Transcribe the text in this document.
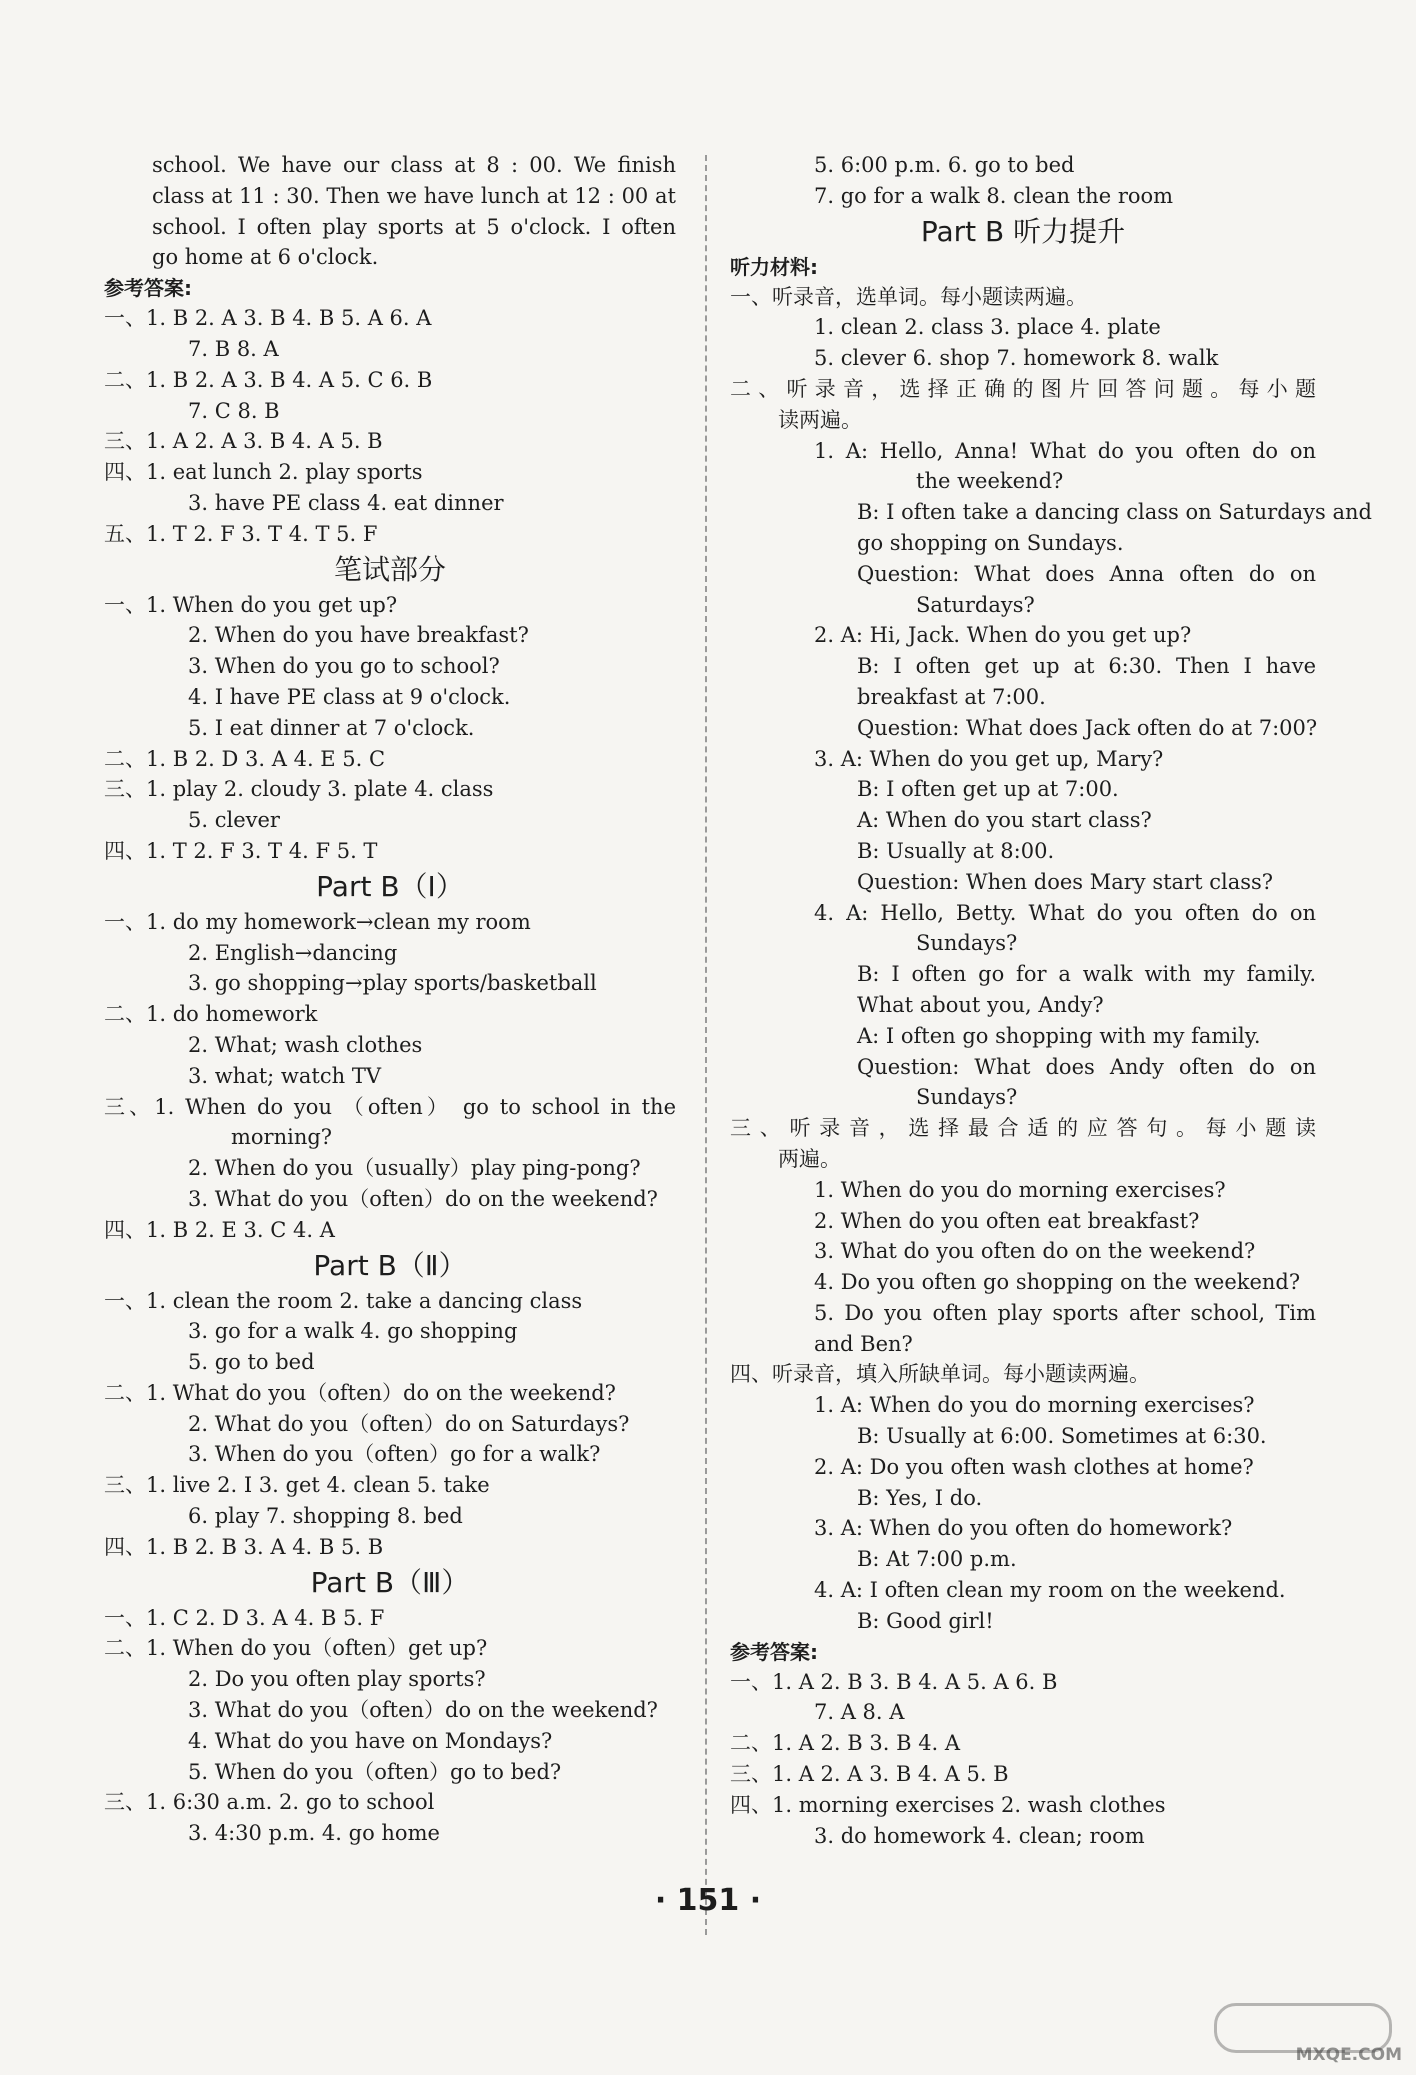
school. We have our class at 8 : 00. We finish
class at 11 : 30. Then we have lunch at 12 : 00 at
school. I often play sports at 5 o'clock. I often
go home at 6 o'clock.
参考答案:
一、1. B 2. A 3. B 4. B 5. A 6. A
7. B 8. A
二、1. B 2. A 3. B 4. A 5. C 6. B
7. C 8. B
三、1. A 2. A 3. B 4. A 5. B
四、1. eat lunch 2. play sports
3. have PE class 4. eat dinner
五、1. T 2. F 3. T 4. T 5. F
笔试部分
一、1. When do you get up?
2. When do you have breakfast?
3. When do you go to school?
4. I have PE class at 9 o'clock.
5. I eat dinner at 7 o'clock.
二、1. B 2. D 3. A 4. E 5. C
三、1. play 2. cloudy 3. plate 4. class
5. clever
四、1. T 2. F 3. T 4. F 5. T
Part B（Ⅰ）
一、1. do my homework→clean my room
2. English→dancing
3. go shopping→play sports/basketball
二、1. do homework
2. What; wash clothes
3. what; watch TV
三、1. When do you （often） go to school in the
morning?
2. When do you（usually）play ping-pong?
3. What do you（often）do on the weekend?
四、1. B 2. E 3. C 4. A
Part B（Ⅱ）
一、1. clean the room 2. take a dancing class
3. go for a walk 4. go shopping
5. go to bed
二、1. What do you（often）do on the weekend?
2. What do you（often）do on Saturdays?
3. When do you（often）go for a walk?
三、1. live 2. I 3. get 4. clean 5. take
6. play 7. shopping 8. bed
四、1. B 2. B 3. A 4. B 5. B
Part B（Ⅲ）
一、1. C 2. D 3. A 4. B 5. F
二、1. When do you（often）get up?
2. Do you often play sports?
3. What do you（often）do on the weekend?
4. What do you have on Mondays?
5. When do you（often）go to bed?
三、1. 6:30 a.m. 2. go to school
3. 4:30 p.m. 4. go home
5. 6:00 p.m. 6. go to bed
7. go for a walk 8. clean the room
Part B 听力提升
听力材料:
一、听录音，选单词。每小题读两遍。
1. clean 2. class 3. place 4. plate
5. clever 6. shop 7. homework 8. walk
二、听录音，选择正确的图片回答问题。每小题
读两遍。
1. A: Hello, Anna! What do you often do on
the weekend?
B: I often take a dancing class on Saturdays and
go shopping on Sundays.
Question: What does Anna often do on
Saturdays?
2. A: Hi, Jack. When do you get up?
B: I often get up at 6:30. Then I have
breakfast at 7:00.
Question: What does Jack often do at 7:00?
3. A: When do you get up, Mary?
B: I often get up at 7:00.
A: When do you start class?
B: Usually at 8:00.
Question: When does Mary start class?
4. A: Hello, Betty. What do you often do on
Sundays?
B: I often go for a walk with my family.
What about you, Andy?
A: I often go shopping with my family.
Question: What does Andy often do on
Sundays?
三、听录音，选择最合适的应答句。每小题读
两遍。
1. When do you do morning exercises?
2. When do you often eat breakfast?
3. What do you often do on the weekend?
4. Do you often go shopping on the weekend?
5. Do you often play sports after school, Tim
and Ben?
四、听录音，填入所缺单词。每小题读两遍。
1. A: When do you do morning exercises?
B: Usually at 6:00. Sometimes at 6:30.
2. A: Do you often wash clothes at home?
B: Yes, I do.
3. A: When do you often do homework?
B: At 7:00 p.m.
4. A: I often clean my room on the weekend.
B: Good girl!
参考答案:
一、1. A 2. B 3. B 4. A 5. A 6. B
7. A 8. A
二、1. A 2. B 3. B 4. A
三、1. A 2. A 3. B 4. A 5. B
四、1. morning exercises 2. wash clothes
3. do homework 4. clean; room
· 151 ·
MXQE.COM
